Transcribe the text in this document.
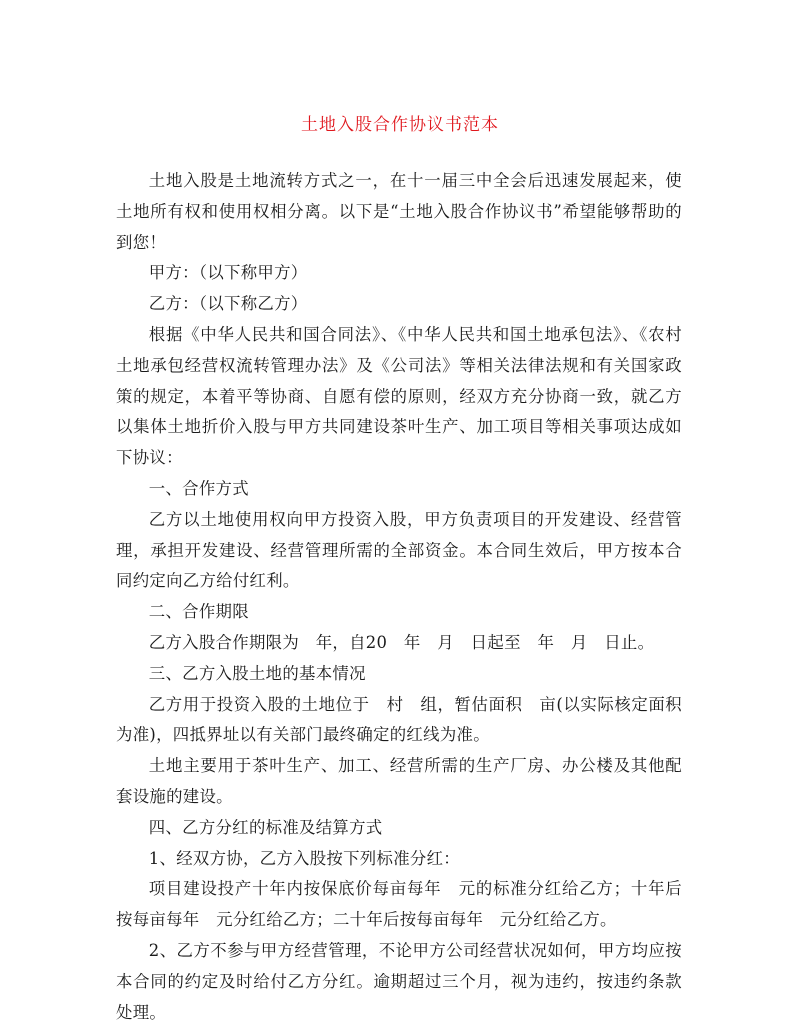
土地入股合作协议书范本

土地入股是土地流转方式之一，在十一届三中全会后迅速发展起来，使土地所有权和使用权相分离。以下是“土地入股合作协议书”希望能够帮助的到您！

甲方：（以下称甲方）

乙方：（以下称乙方）

根据《中华人民共和国合同法》、《中华人民共和国土地承包法》、《农村土地承包经营权流转管理办法》及《公司法》等相关法律法规和有关国家政策的规定，本着平等协商、自愿有偿的原则，经双方充分协商一致，就乙方以集体土地折价入股与甲方共同建设茶叶生产、加工项目等相关事项达成如下协议：

一、合作方式

乙方以土地使用权向甲方投资入股，甲方负责项目的开发建设、经营管理，承担开发建设、经营管理所需的全部资金。本合同生效后，甲方按本合同约定向乙方给付红利。

二、合作期限

乙方入股合作期限为　年，自20　年　月　日起至　年　月　日止。

三、乙方入股土地的基本情况

乙方用于投资入股的土地位于　村　组，暂估面积　亩(以实际核定面积为准)，四抵界址以有关部门最终确定的红线为准。

土地主要用于茶叶生产、加工、经营所需的生产厂房、办公楼及其他配套设施的建设。

四、乙方分红的标准及结算方式

1、经双方协，乙方入股按下列标准分红：

项目建设投产十年内按保底价每亩每年　元的标准分红给乙方；十年后按每亩每年　元分红给乙方；二十年后按每亩每年　元分红给乙方。

2、乙方不参与甲方经营管理，不论甲方公司经营状况如何，甲方均应按本合同的约定及时给付乙方分红。逾期超过三个月，视为违约，按违约条款处理。
